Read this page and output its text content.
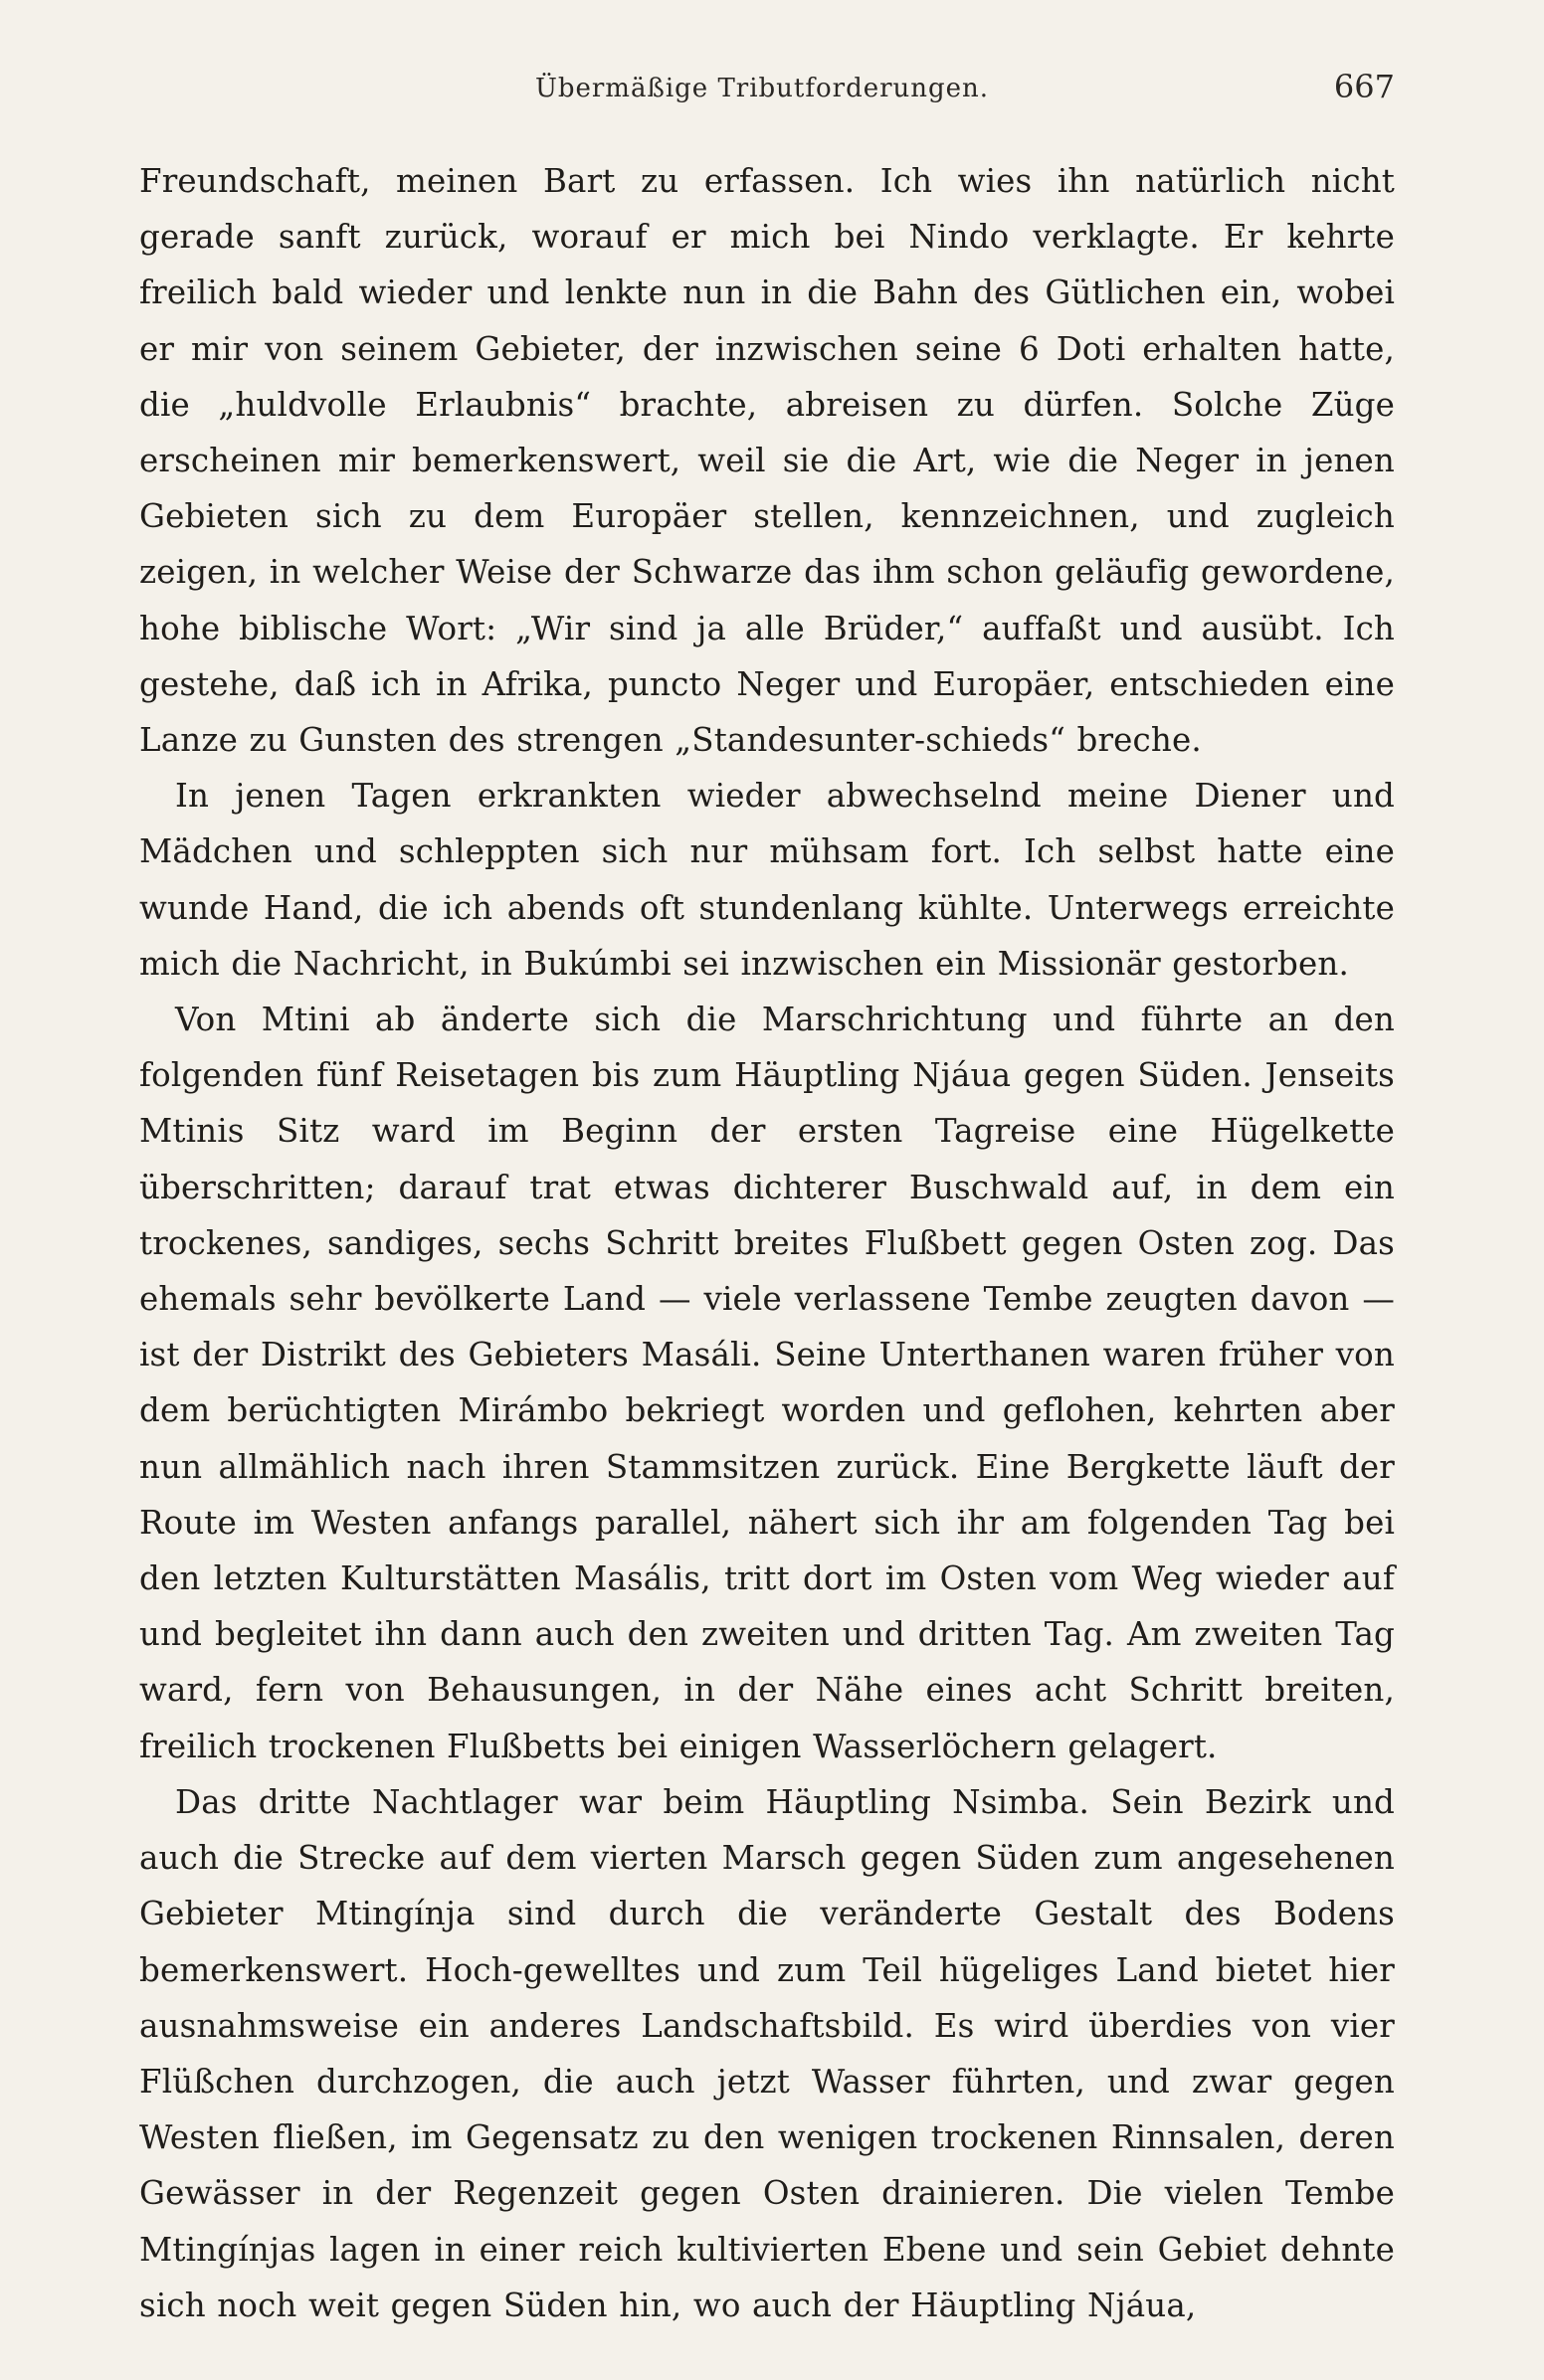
Übermäßige Tributforderungen.	667

Freundschaft, meinen Bart zu erfassen. Ich wies ihn natürlich nicht gerade sanft zurück, worauf er mich bei Nindo verklagte. Er kehrte freilich bald wieder und lenkte nun in die Bahn des Gütlichen ein, wobei er mir von seinem Gebieter, der inzwischen seine 6 Doti erhalten hatte, die „huldvolle Erlaubnis“ brachte, abreisen zu dürfen. Solche Züge erscheinen mir bemerkenswert, weil sie die Art, wie die Neger in jenen Gebieten sich zu dem Europäer stellen, kennzeichnen, und zugleich zeigen, in welcher Weise der Schwarze das ihm schon geläufig gewordene, hohe biblische Wort: „Wir sind ja alle Brüder,“ auffaßt und ausübt. Ich gestehe, daß ich in Afrika, puncto Neger und Europäer, entschieden eine Lanze zu Gunsten des strengen „Standesunter-schieds“ breche.

In jenen Tagen erkrankten wieder abwechselnd meine Diener und Mädchen und schleppten sich nur mühsam fort. Ich selbst hatte eine wunde Hand, die ich abends oft stundenlang kühlte. Unterwegs erreichte mich die Nachricht, in Bukúmbi sei inzwischen ein Missionär gestorben.

Von Mtini ab änderte sich die Marschrichtung und führte an den folgenden fünf Reisetagen bis zum Häuptling Njáua gegen Süden. Jenseits Mtinis Sitz ward im Beginn der ersten Tagreise eine Hügelkette überschritten; darauf trat etwas dichterer Buschwald auf, in dem ein trockenes, sandiges, sechs Schritt breites Flußbett gegen Osten zog. Das ehemals sehr bevölkerte Land — viele verlassene Tembe zeugten davon — ist der Distrikt des Gebieters Masáli. Seine Unterthanen waren früher von dem berüchtigten Mirámbo bekriegt worden und geflohen, kehrten aber nun allmählich nach ihren Stammsitzen zurück. Eine Bergkette läuft der Route im Westen anfangs parallel, nähert sich ihr am folgenden Tag bei den letzten Kulturstätten Masális, tritt dort im Osten vom Weg wieder auf und begleitet ihn dann auch den zweiten und dritten Tag. Am zweiten Tag ward, fern von Behausungen, in der Nähe eines acht Schritt breiten, freilich trockenen Flußbetts bei einigen Wasserlöchern gelagert.

Das dritte Nachtlager war beim Häuptling Nsimba. Sein Bezirk und auch die Strecke auf dem vierten Marsch gegen Süden zum angesehenen Gebieter Mtingínja sind durch die veränderte Gestalt des Bodens bemerkenswert. Hoch-gewelltes und zum Teil hügeliges Land bietet hier ausnahmsweise ein anderes Landschaftsbild. Es wird überdies von vier Flüßchen durchzogen, die auch jetzt Wasser führten, und zwar gegen Westen fließen, im Gegensatz zu den wenigen trockenen Rinnsalen, deren Gewässer in der Regenzeit gegen Osten drainieren. Die vielen Tembe Mtingínjas lagen in einer reich kultivierten Ebene und sein Gebiet dehnte sich noch weit gegen Süden hin, wo auch der Häuptling Njáua,
